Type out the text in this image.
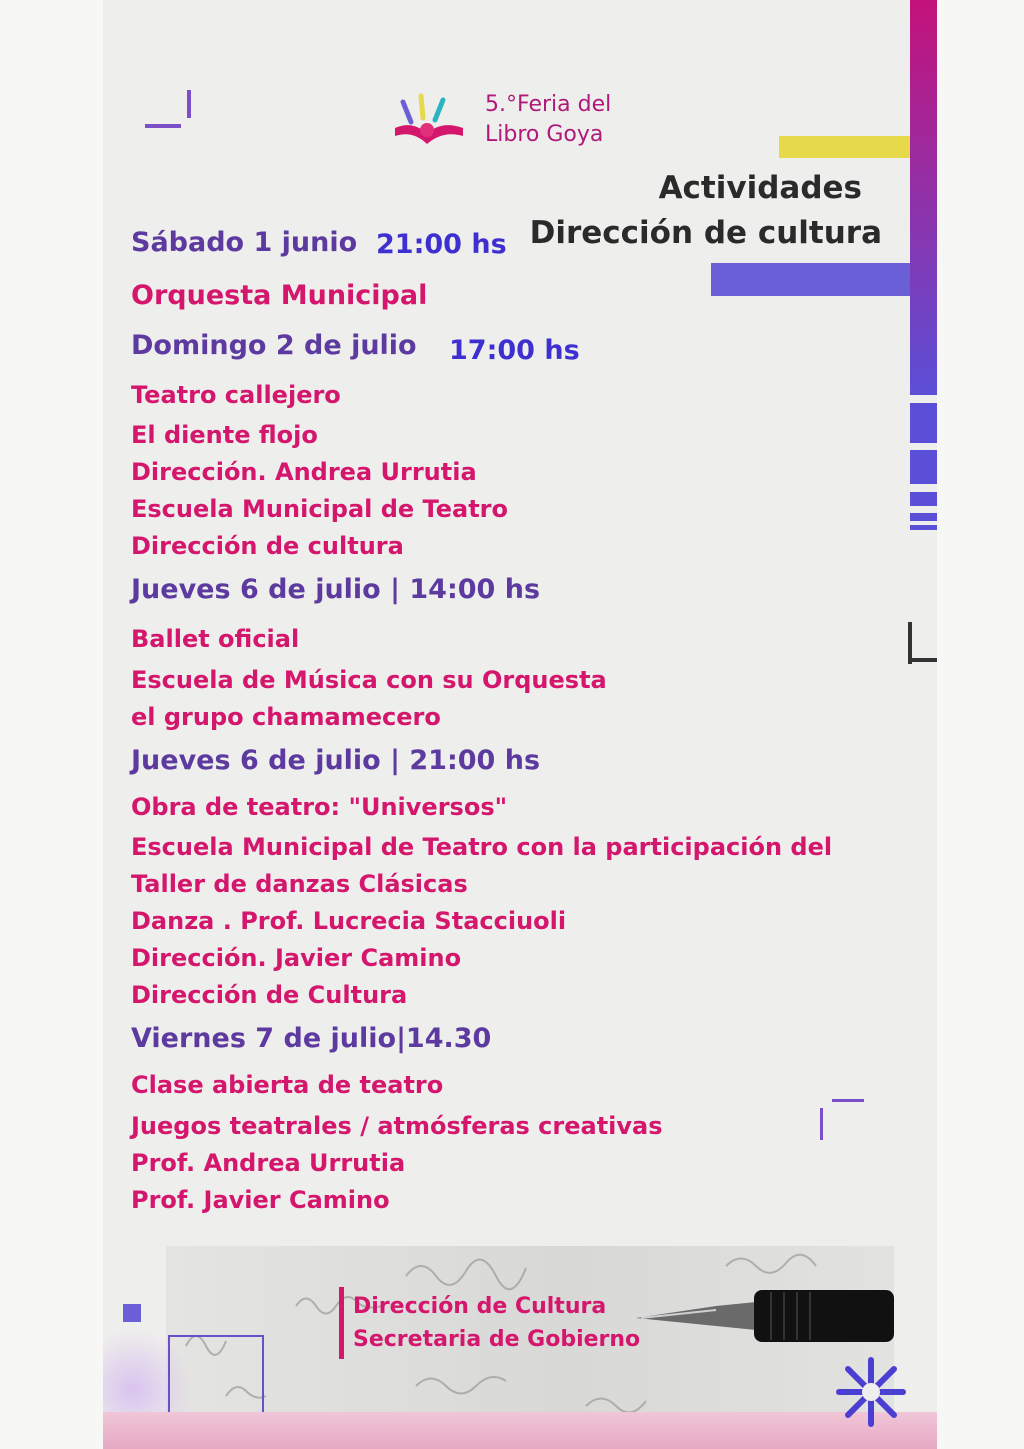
5.°Feria del
Libro Goya
Actividades
Dirección de cultura
Sábado 1 junio 21:00 hs
Orquesta Municipal
Domingo 2 de julio 17:00 hs
Teatro callejero
El diente flojo
Dirección. Andrea Urrutia
Escuela Municipal de Teatro
Dirección de cultura
Jueves 6 de julio | 14:00 hs
Ballet oficial
Escuela de Música con su Orquesta
el grupo chamamecero
Jueves 6 de julio | 21:00 hs
Obra de teatro: "Universos"
Escuela Municipal de Teatro con la participación del
Taller de danzas Clásicas
Danza . Prof. Lucrecia Stacciuoli
Dirección. Javier Camino
Dirección de Cultura
Viernes 7 de julio|14.30
Clase abierta de teatro
Juegos teatrales / atmósferas creativas
Prof. Andrea Urrutia
Prof. Javier Camino
Dirección de Cultura
Secretaria de Gobierno
